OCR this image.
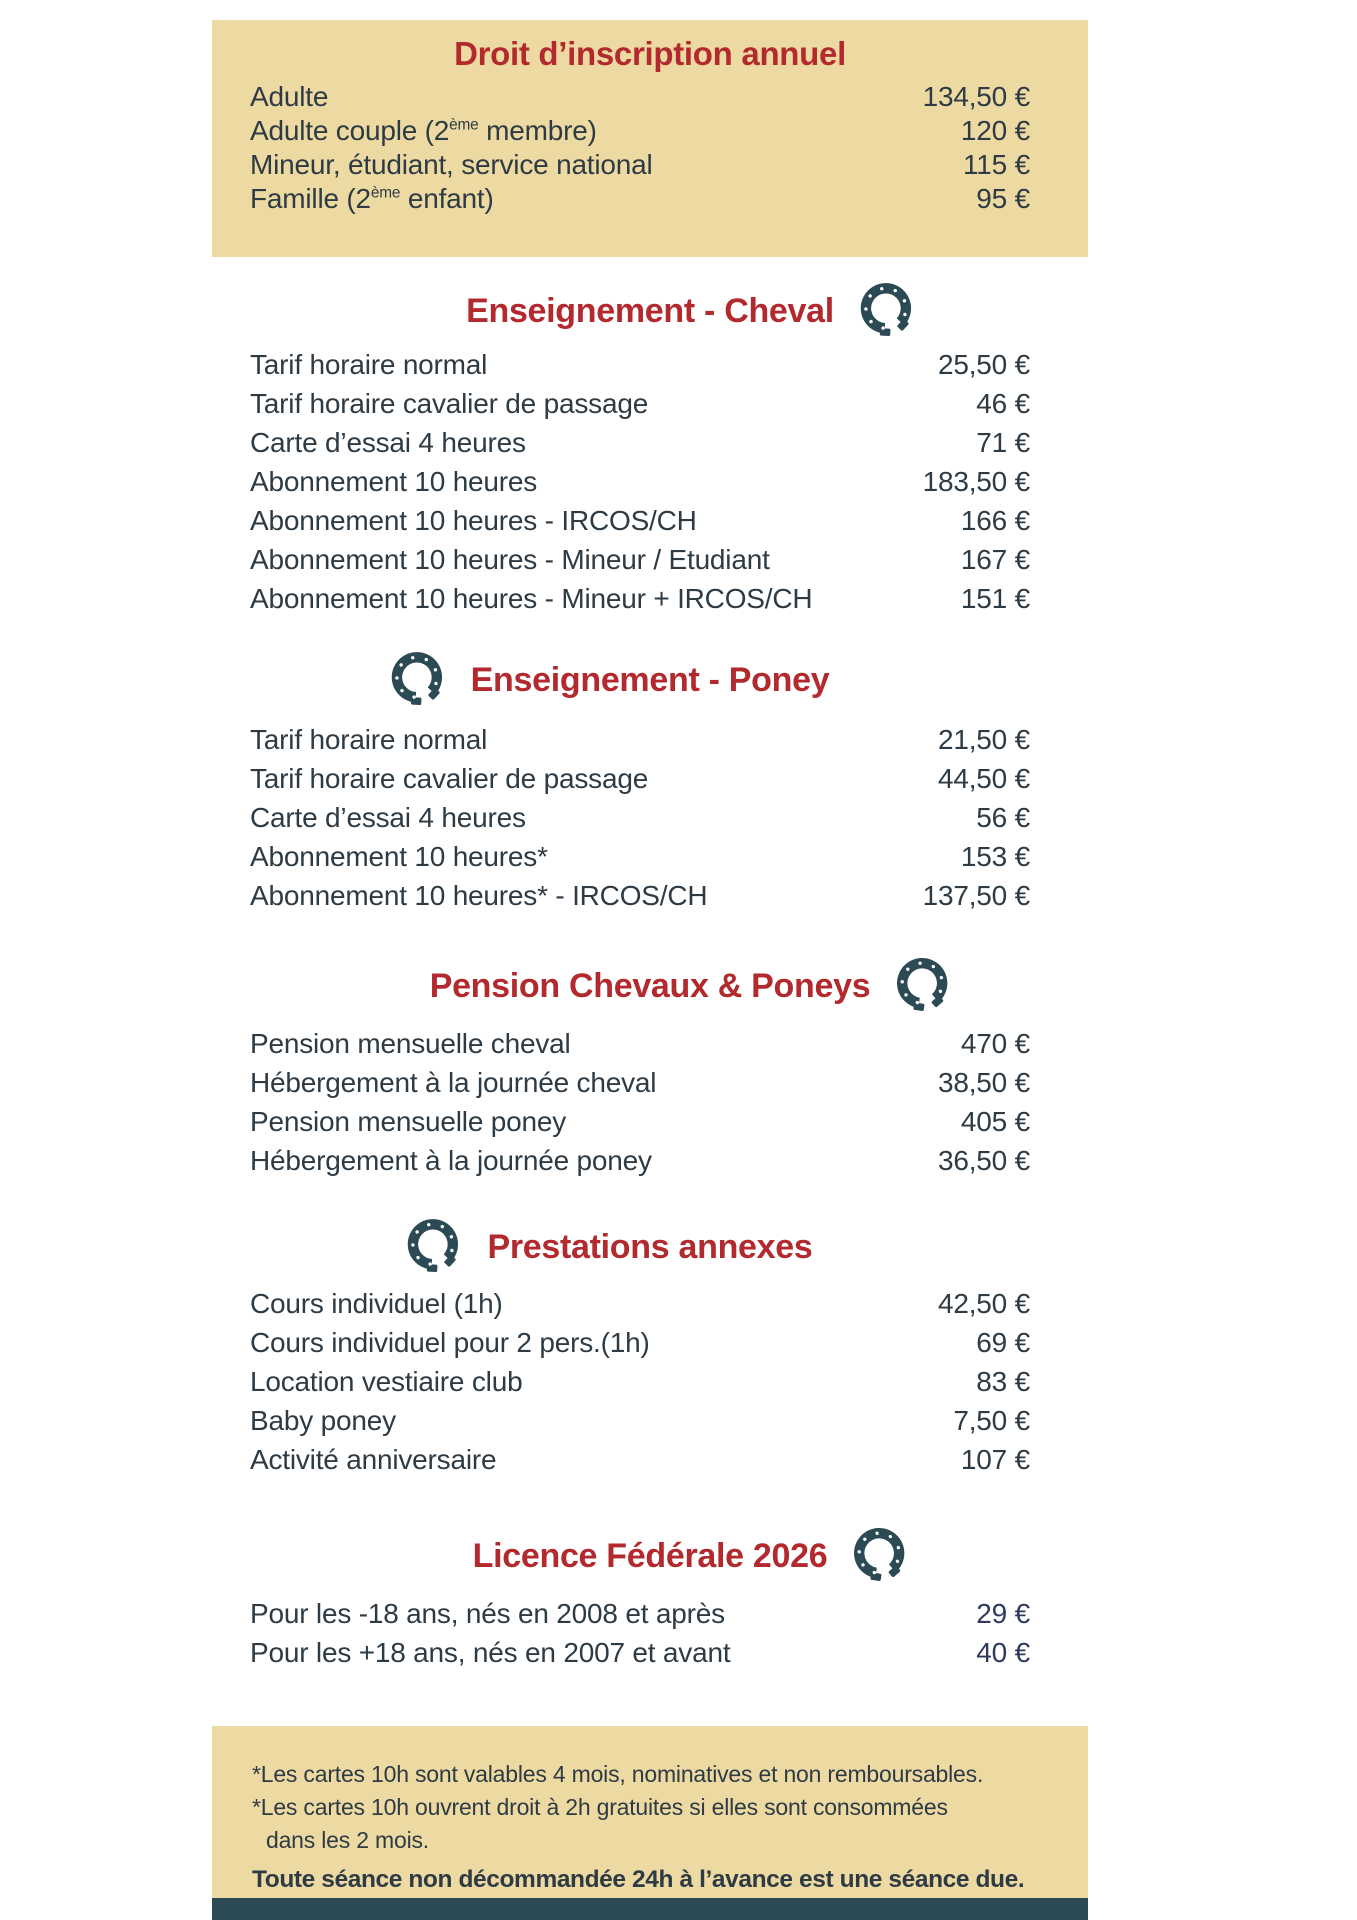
Droit d’inscription annuel
Adulte	134,50 €
Adulte couple (2ème membre)	120 €
Mineur, étudiant, service national	115 €
Famille (2ème enfant)	95 €
Enseignement - Cheval
Tarif horaire normal	25,50 €
Tarif horaire cavalier de passage	46 €
Carte d’essai 4 heures	71 €
Abonnement 10 heures	183,50 €
Abonnement 10 heures - IRCOS/CH	166 €
Abonnement 10 heures - Mineur / Etudiant	167 €
Abonnement 10 heures - Mineur + IRCOS/CH	151 €
Enseignement - Poney
Tarif horaire normal	21,50 €
Tarif horaire cavalier de passage	44,50 €
Carte d’essai 4 heures	56 €
Abonnement 10 heures*	153 €
Abonnement 10 heures* - IRCOS/CH	137,50 €
Pension Chevaux & Poneys
Pension mensuelle cheval	470 €
Hébergement à la journée cheval	38,50 €
Pension mensuelle poney	405 €
Hébergement à la journée poney	36,50 €
Prestations annexes
Cours individuel (1h)	42,50 €
Cours individuel pour 2 pers.(1h)	69 €
Location vestiaire club	83 €
Baby poney	7,50 €
Activité anniversaire	107 €
Licence Fédérale 2026
Pour les -18 ans, nés en 2008 et après	29 €
Pour les +18 ans, nés en 2007 et avant	40 €
*Les cartes 10h sont valables 4 mois, nominatives et non remboursables.
*Les cartes 10h ouvrent droit à 2h gratuites si elles sont consommées
dans les 2 mois.
Toute séance non décommandée 24h à l’avance est une séance due.
